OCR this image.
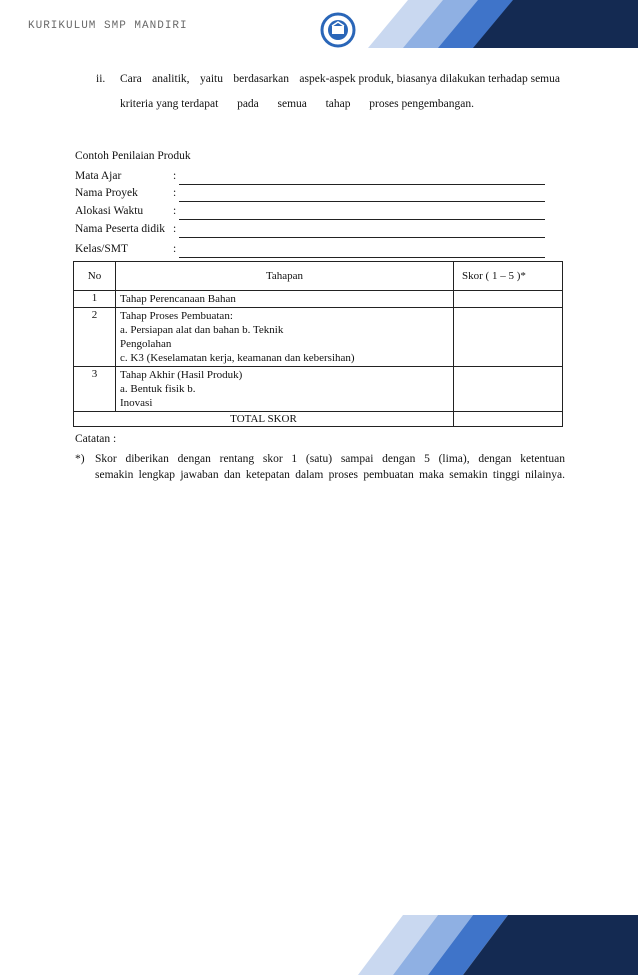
KURIKULUM SMP MANDIRI
ii. Cara analitik, yaitu berdasarkan aspek-aspek produk, biasanya dilakukan terhadap semua
kriteria yang terdapat pada semua tahap proses pengembangan.
Contoh Penilaian Produk
Mata Ajar	:
Nama Proyek	:
Alokasi Waktu	:
Nama Peserta didik :
Kelas/SMT	:
No	Tahapan	Skor ( 1 – 5 )*
1	Tahap Perencanaan Bahan	

2	Tahap Proses Pembuatan:
a. Persiapan alat dan bahan b. Teknik
Pengolahan
c. K3 (Keselamatan kerja, keamanan dan kebersihan)	

3	Tahap Akhir (Hasil Produk)
a. Bentuk fisik b.
Inovasi	

TOTAL SKOR		
Catatan :
*) Skor diberikan dengan rentang skor 1 (satu) sampai dengan 5 (lima), dengan ketentuan
semakin lengkap jawaban dan ketepatan dalam proses pembuatan maka semakin tinggi nilainya.
